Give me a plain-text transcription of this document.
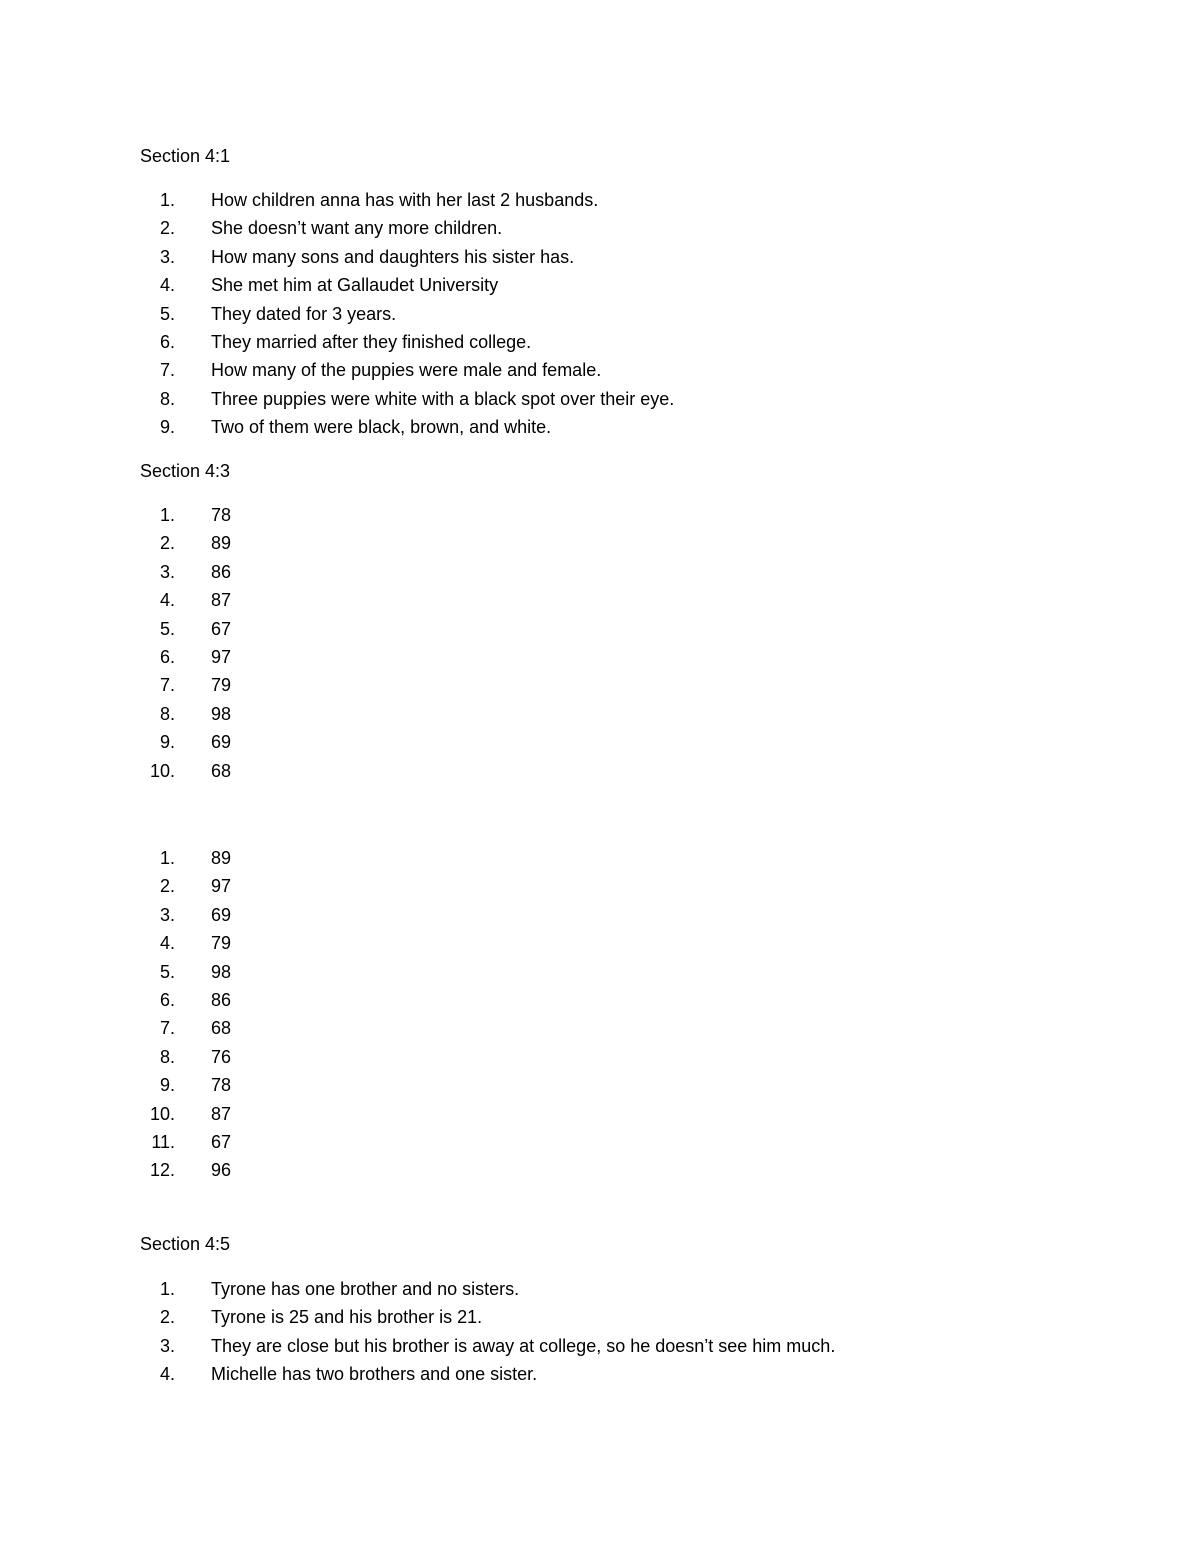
Section 4:1
1. How children anna has with her last 2 husbands.
2. She doesn’t want any more children.
3. How many sons and daughters his sister has.
4. She met him at Gallaudet University
5. They dated for 3 years.
6. They married after they finished college.
7. How many of the puppies were male and female.
8. Three puppies were white with a black spot over their eye.
9. Two of them were black, brown, and white.
Section 4:3
1. 78
2. 89
3. 86
4. 87
5. 67
6. 97
7. 79
8. 98
9. 69
10. 68
1. 89
2. 97
3. 69
4. 79
5. 98
6. 86
7. 68
8. 76
9. 78
10. 87
11. 67
12. 96
Section 4:5
1. Tyrone has one brother and no sisters.
2. Tyrone is 25 and his brother is 21.
3. They are close but his brother is away at college, so he doesn’t see him much.
4. Michelle has two brothers and one sister.
